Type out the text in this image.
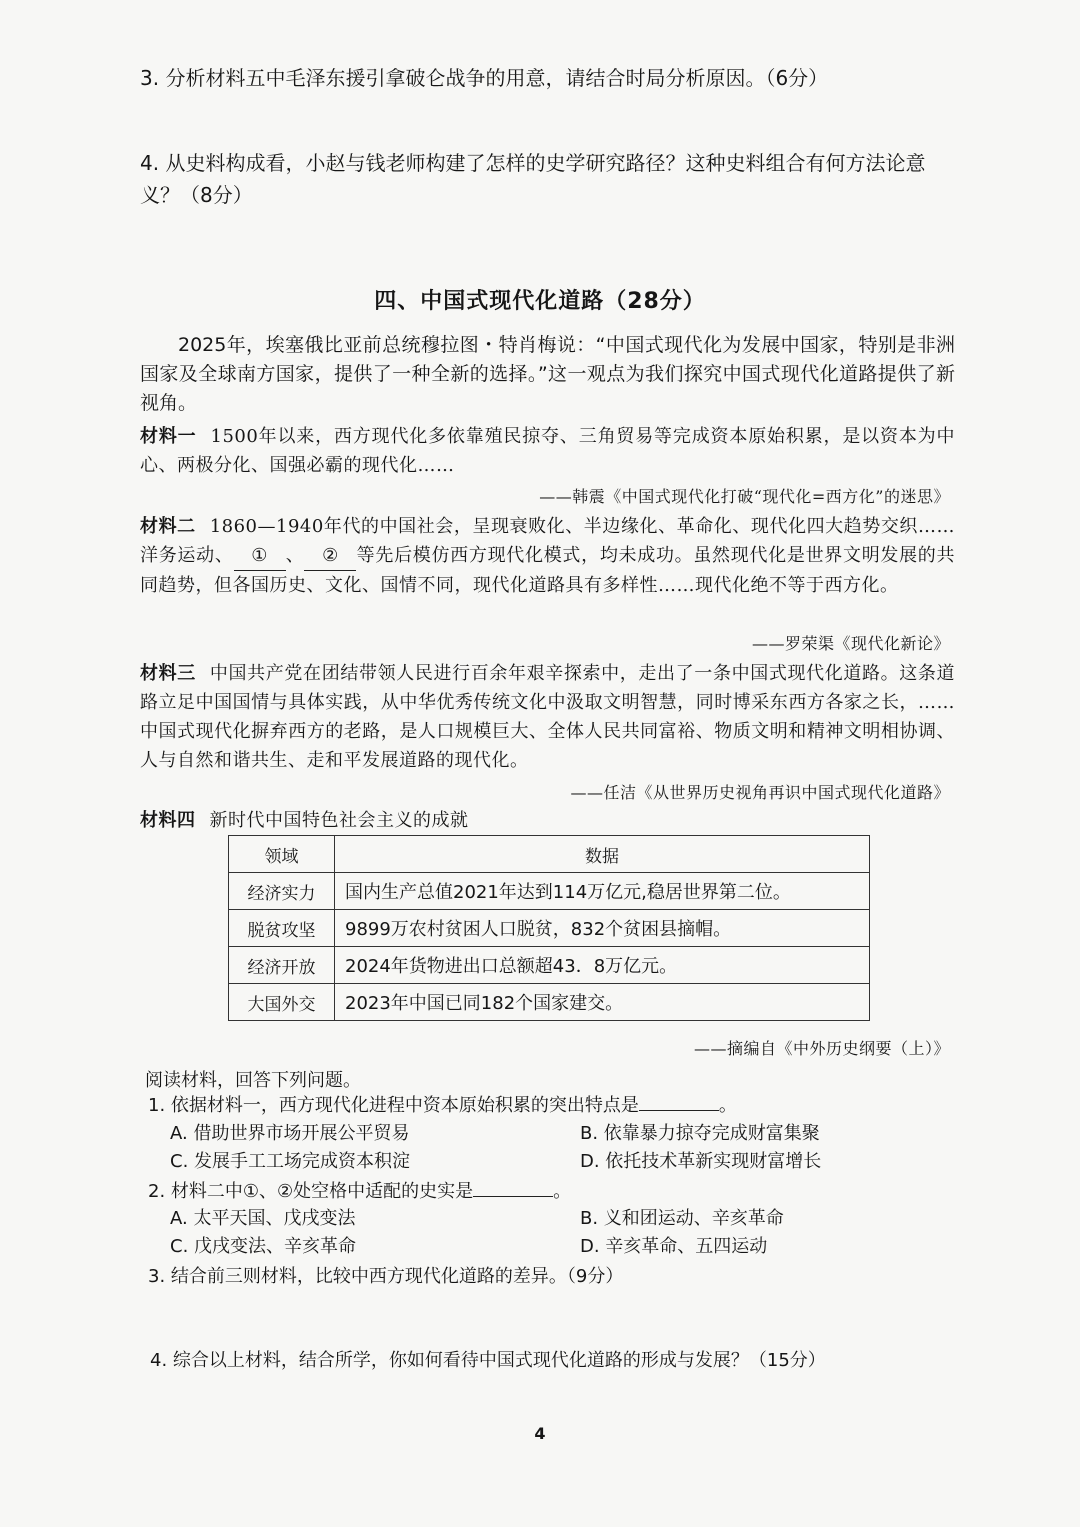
3. 分析材料五中毛泽东援引拿破仑战争的用意，请结合时局分析原因。（6分）
4. 从史料构成看，小赵与钱老师构建了怎样的史学研究路径？这种史料组合有何方法论意
义？（8分）
四、中国式现代化道路（28分）
2025年，埃塞俄比亚前总统穆拉图・特肖梅说：“中国式现代化为发展中国家，特别是非洲国家及全球南方国家，提供了一种全新的选择。”这一观点为我们探究中国式现代化道路提供了新视角。
材料一 1500年以来，西方现代化多依靠殖民掠夺、三角贸易等完成资本原始积累，是以资本为中心、两极分化、国强必霸的现代化……
——韩震《中国式现代化打破“现代化=西方化”的迷思》
材料二 1860—1940年代的中国社会，呈现衰败化、半边缘化、革命化、现代化四大趋势交织……洋务运动、 ① 、 ② 等先后模仿西方现代化模式，均未成功。虽然现代化是世界文明发展的共同趋势，但各国历史、文化、国情不同，现代化道路具有多样性……现代化绝不等于西方化。
——罗荣渠《现代化新论》
材料三 中国共产党在团结带领人民进行百余年艰辛探索中，走出了一条中国式现代化道路。这条道路立足中国国情与具体实践，从中华优秀传统文化中汲取文明智慧，同时博采东西方各家之长，……中国式现代化摒弃西方的老路，是人口规模巨大、全体人民共同富裕、物质文明和精神文明相协调、人与自然和谐共生、走和平发展道路的现代化。
——任洁《从世界历史视角再识中国式现代化道路》
材料四 新时代中国特色社会主义的成就
领域	数据
经济实力	国内生产总值2021年达到114万亿元,稳居世界第二位。
脱贫攻坚	9899万农村贫困人口脱贫，832个贫困县摘帽。
经济开放	2024年货物进出口总额超43．8万亿元。
大国外交	2023年中国已同182个国家建交。
——摘编自《中外历史纲要（上）》
阅读材料，回答下列问题。
1. 依据材料一，西方现代化进程中资本原始积累的突出特点是	。
A. 借助世界市场开展公平贸易	B. 依靠暴力掠夺完成财富集聚
C. 发展手工工场完成资本积淀	D. 依托技术革新实现财富增长
2. 材料二中①、②处空格中适配的史实是	。
A. 太平天国、戊戌变法	B. 义和团运动、辛亥革命
C. 戊戌变法、辛亥革命	D. 辛亥革命、五四运动
3. 结合前三则材料，比较中西方现代化道路的差异。（9分）
4. 综合以上材料，结合所学，你如何看待中国式现代化道路的形成与发展？（15分）
4
